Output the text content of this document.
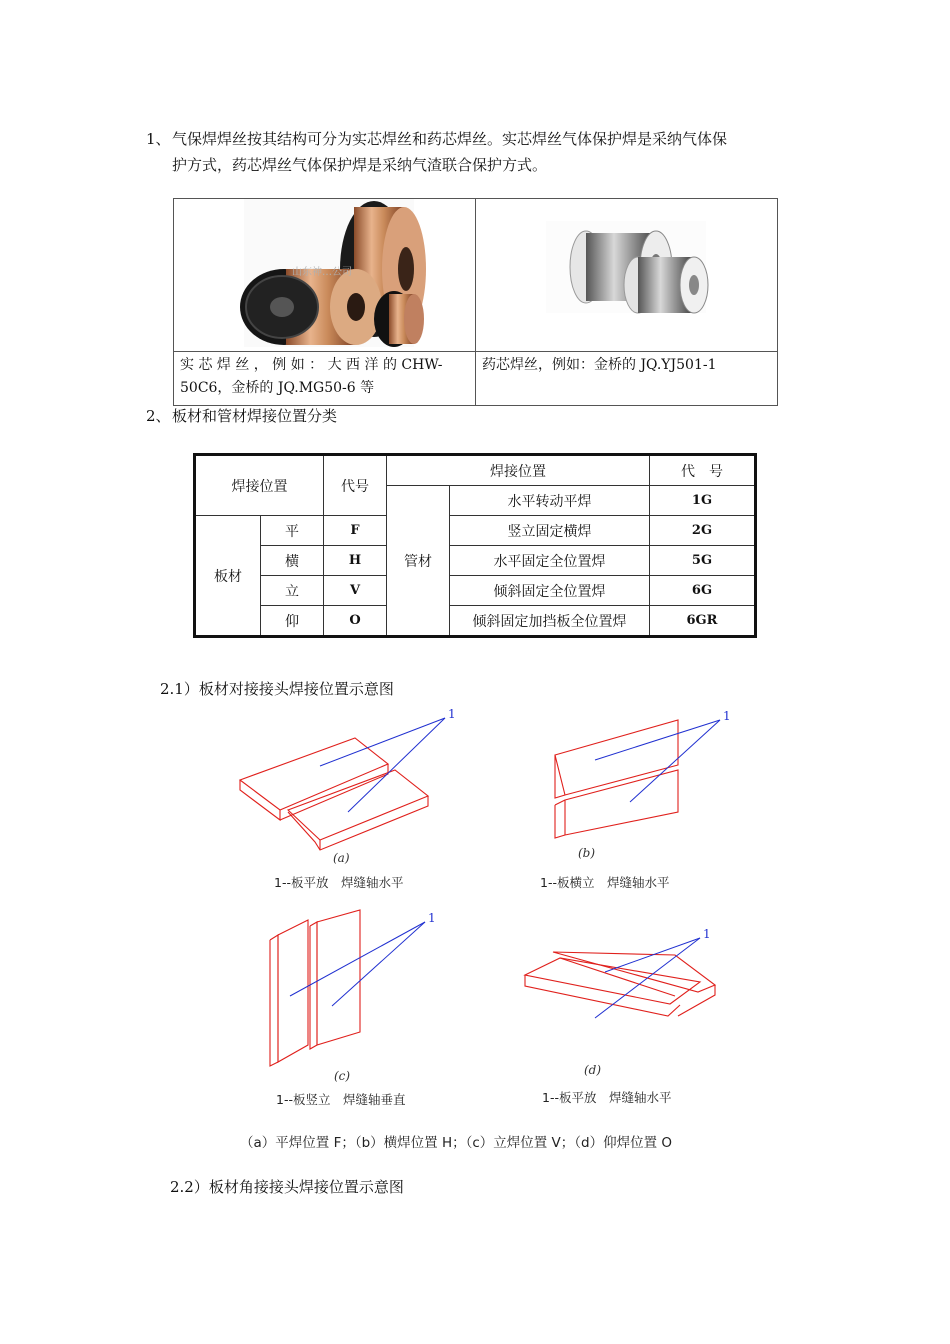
1、气保焊焊丝按其结构可分为实芯焊丝和药芯焊丝。实芯焊丝气体保护焊是采纳气体保
护方式，药芯焊丝气体保护焊是采纳气渣联合保护方式。
山东神…公司

实 芯 焊 丝 ， 例 如 ： 大 西 洋 的 CHW-
50C6，金桥的 JQ.MG50-6 等	药芯焊丝，例如：金桥的 JQ.YJ501-1
2、板材和管材焊接位置分类
焊接位置		代号	焊接位置		代　号
			管材	水平转动平焊	1G
板材	平	F		竖立固定横焊	2G
	横	H		水平固定全位置焊	5G
	立	V		倾斜固定全位置焊	6G
	仰	O		倾斜固定加挡板全位置焊	6GR
2.1）板材对接接头焊接位置示意图
1	1
1
1
(a)
1--板平放　焊缝轴水平
(b)
1--板横立　焊缝轴水平
(c)
1--板竖立　焊缝轴垂直
(d)
1--板平放　焊缝轴水平
（a）平焊位置 F；（b）横焊位置 H；（c）立焊位置 V；（d）仰焊位置 O
2.2）板材角接接头焊接位置示意图
